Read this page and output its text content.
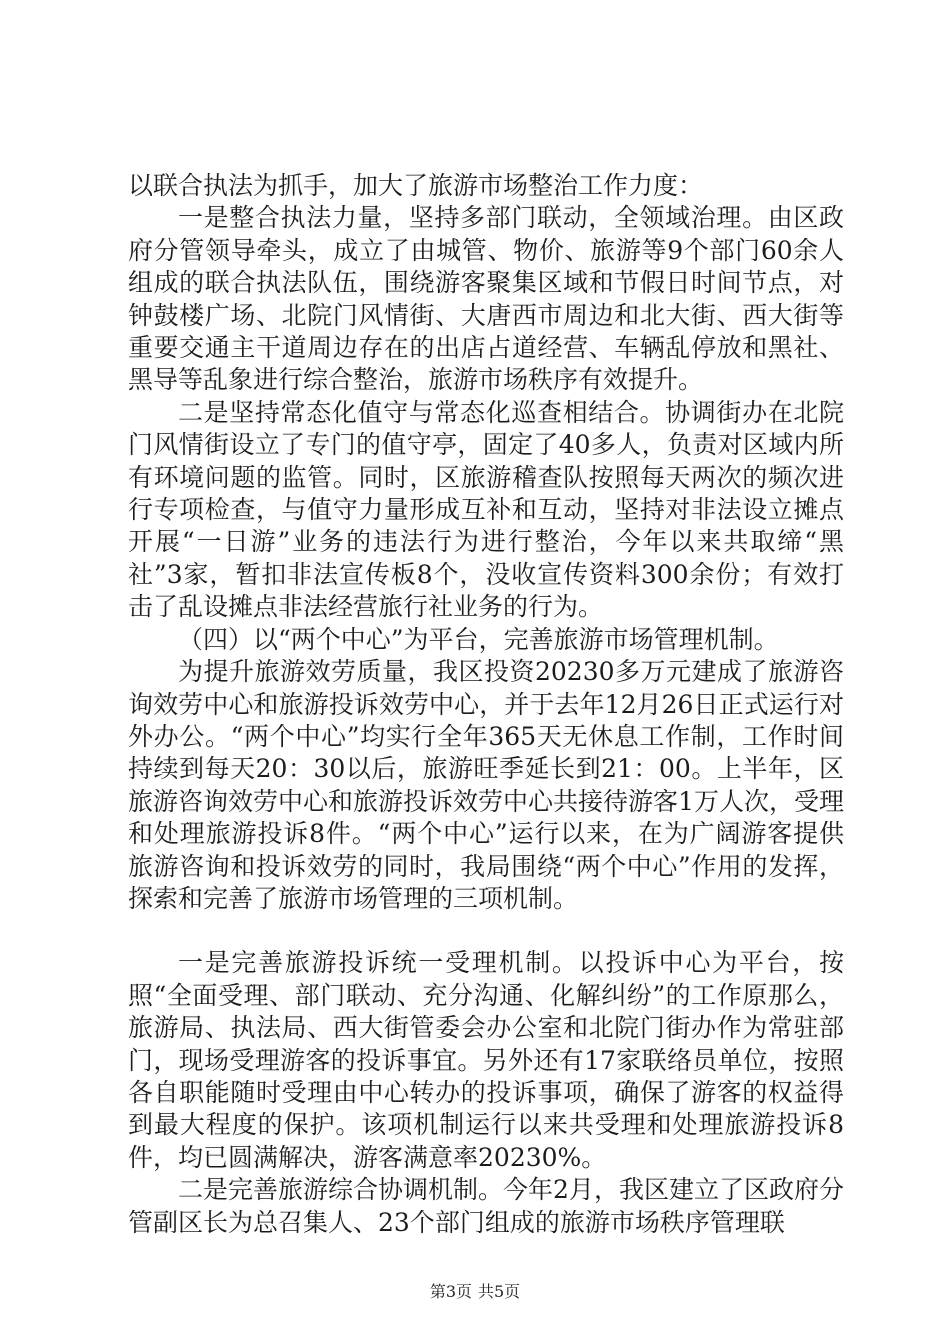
以联合执法为抓手，加大了旅游市场整治工作力度：

一是整合执法力量，坚持多部门联动，全领域治理。由区政府分管领导牵头，成立了由城管、物价、旅游等9个部门60余人组成的联合执法队伍，围绕游客聚集区域和节假日时间节点，对钟鼓楼广场、北院门风情街、大唐西市周边和北大街、西大街等重要交通主干道周边存在的出店占道经营、车辆乱停放和黑社、黑导等乱象进行综合整治，旅游市场秩序有效提升。

二是坚持常态化值守与常态化巡查相结合。协调街办在北院门风情街设立了专门的值守亭，固定了40多人，负责对区域内所有环境问题的监管。同时，区旅游稽查队按照每天两次的频次进行专项检查，与值守力量形成互补和互动，坚持对非法设立摊点开展“一日游”业务的违法行为进行整治，今年以来共取缔“黑社”3家，暂扣非法宣传板8个，没收宣传资料300余份；有效打击了乱设摊点非法经营旅行社业务的行为。

（四）以“两个中心”为平台，完善旅游市场管理机制。

为提升旅游效劳质量，我区投资20230多万元建成了旅游咨询效劳中心和旅游投诉效劳中心，并于去年12月26日正式运行对外办公。“两个中心”均实行全年365天无休息工作制，工作时间持续到每天20：30以后，旅游旺季延长到21：00。上半年，区旅游咨询效劳中心和旅游投诉效劳中心共接待游客1万人次，受理和处理旅游投诉8件。“两个中心”运行以来，在为广阔游客提供旅游咨询和投诉效劳的同时，我局围绕“两个中心”作用的发挥，探索和完善了旅游市场管理的三项机制。

一是完善旅游投诉统一受理机制。以投诉中心为平台，按照“全面受理、部门联动、充分沟通、化解纠纷”的工作原那么，旅游局、执法局、西大街管委会办公室和北院门街办作为常驻部门，现场受理游客的投诉事宜。另外还有17家联络员单位，按照各自职能随时受理由中心转办的投诉事项，确保了游客的权益得到最大程度的保护。该项机制运行以来共受理和处理旅游投诉8件，均已圆满解决，游客满意率20230%。

二是完善旅游综合协调机制。今年2月，我区建立了区政府分管副区长为总召集人、23个部门组成的旅游市场秩序管理联

第3页 共5页
